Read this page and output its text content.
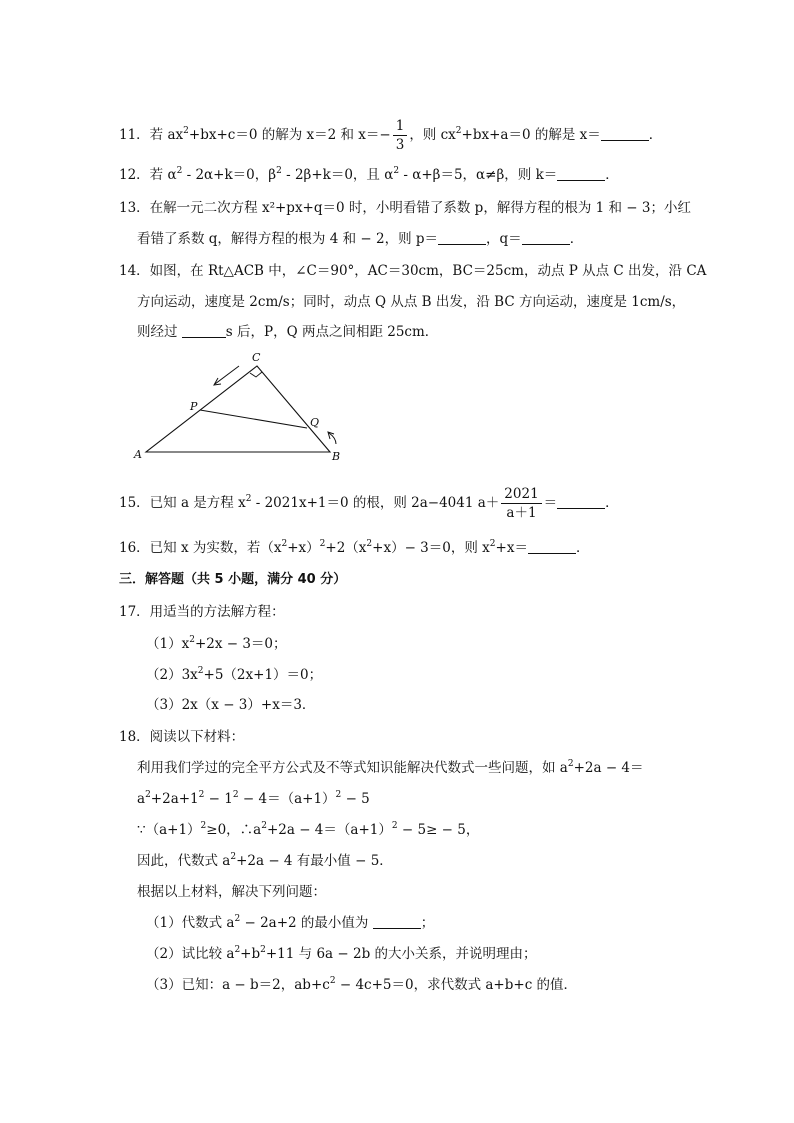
11．若 $ax^2+bx+c=0$ 的解为 x＝2 和 $x=- \frac{1}{3}$ ，则 $cx^2+bx+a=0$ 的解是 x＝	．
12．若 $\alpha^2 - 2\alpha+k=0$，$\beta^2 - 2\beta+k=0$，且 $\alpha^2 - \alpha+\beta=5$，α≠β，则 k＝	．
13．在解一元二次方程 x²+px+q＝0 时，小明看错了系数 p，解得方程的根为 1 和 − 3；小红
看错了系数 q，解得方程的根为 4 和 − 2，则 p＝	，q＝	．
14．如图，在 Rt△ACB 中，∠C＝90°，AC＝30cm，BC＝25cm，动点 P 从点 C 出发，沿 CA
方向运动，速度是 2cm/s；同时，动点 Q 从点 B 出发，沿 BC 方向运动，速度是 1cm/s，
则经过	s 后，P，Q 两点之间相距 25cm．
A	B
C
P
Q
15．已知 a 是方程 $x^2 - 2021x+1=0$ 的根，则 2a−4041 $a+ \frac{2021}{a+1}$ ＝	．
16．已知 x 为实数，若$(x^2+x)^2+2(x^2+x)- 3=0$，则 $x^2+x=$	．
三．解答题（共 5 小题，满分 40 分）
17．用适当的方法解方程：
$(1)x^2+2x - 3=0$；
$(2)3x^2+5(2x+1)=0$；
（3）2x（x − 3）+x＝3．
18．阅读以下材料：
利用我们学过的完全平方公式及不等式知识能解决代数式一些问题，如 $a^2+2a - 4=$
$a^2+2a+1^2 - 1^2 - 4=(a+1)^2 - 5$
$\because(a+1)^2\ge 0$，$\therefore a^2+2a - 4=(a+1)^2 - 5\ge - 5$，
因此，代数式 $a^2+2a - 4$ 有最小值 − 5．
根据以上材料，解决下列问题：
（1）代数式 $a^2 - 2a+2$ 的最小值为	；
（2）试比较 $a^2+b^2+11$ 与 6a − 2b 的大小关系，并说明理由；
（3）已知：a − b＝2，$ab+c^2 - 4c+5=0$，求代数式 a+b+c 的值．
